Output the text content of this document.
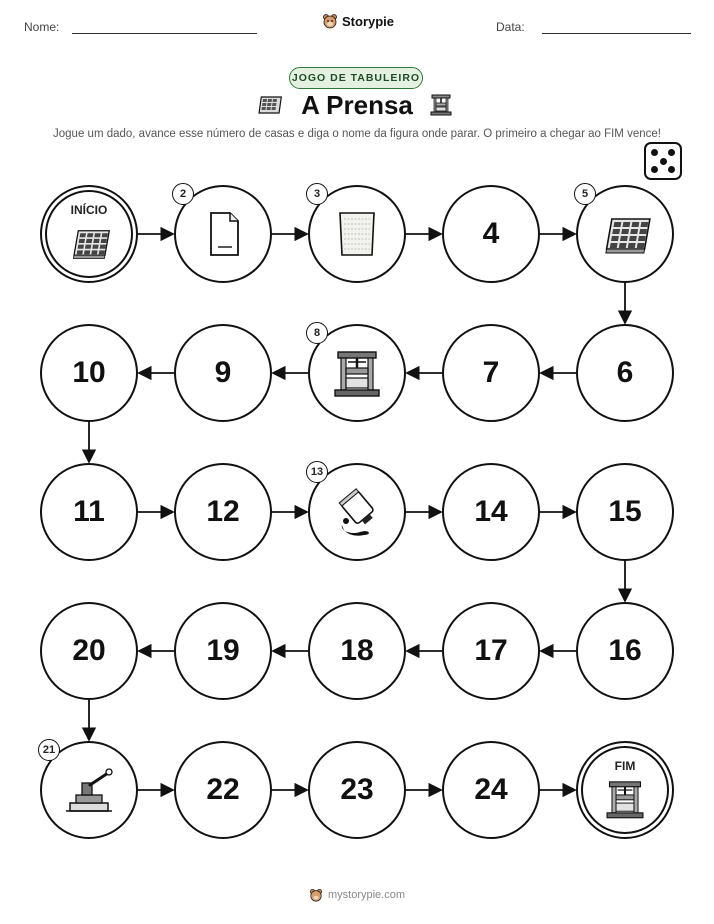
Nome:	Storypie	Data:
JOGO DE TABULEIRO
A Prensa
Jogue um dado, avance esse número de casas e diga o nome da figura onde parar. O primeiro a chegar ao FIM vence!
FIM
24
23
22
20	19	18	17	16
15
14
12
11
10	9	7	6
4
INÍCIO
2	3	5
8
13
21
mystorypie.com
